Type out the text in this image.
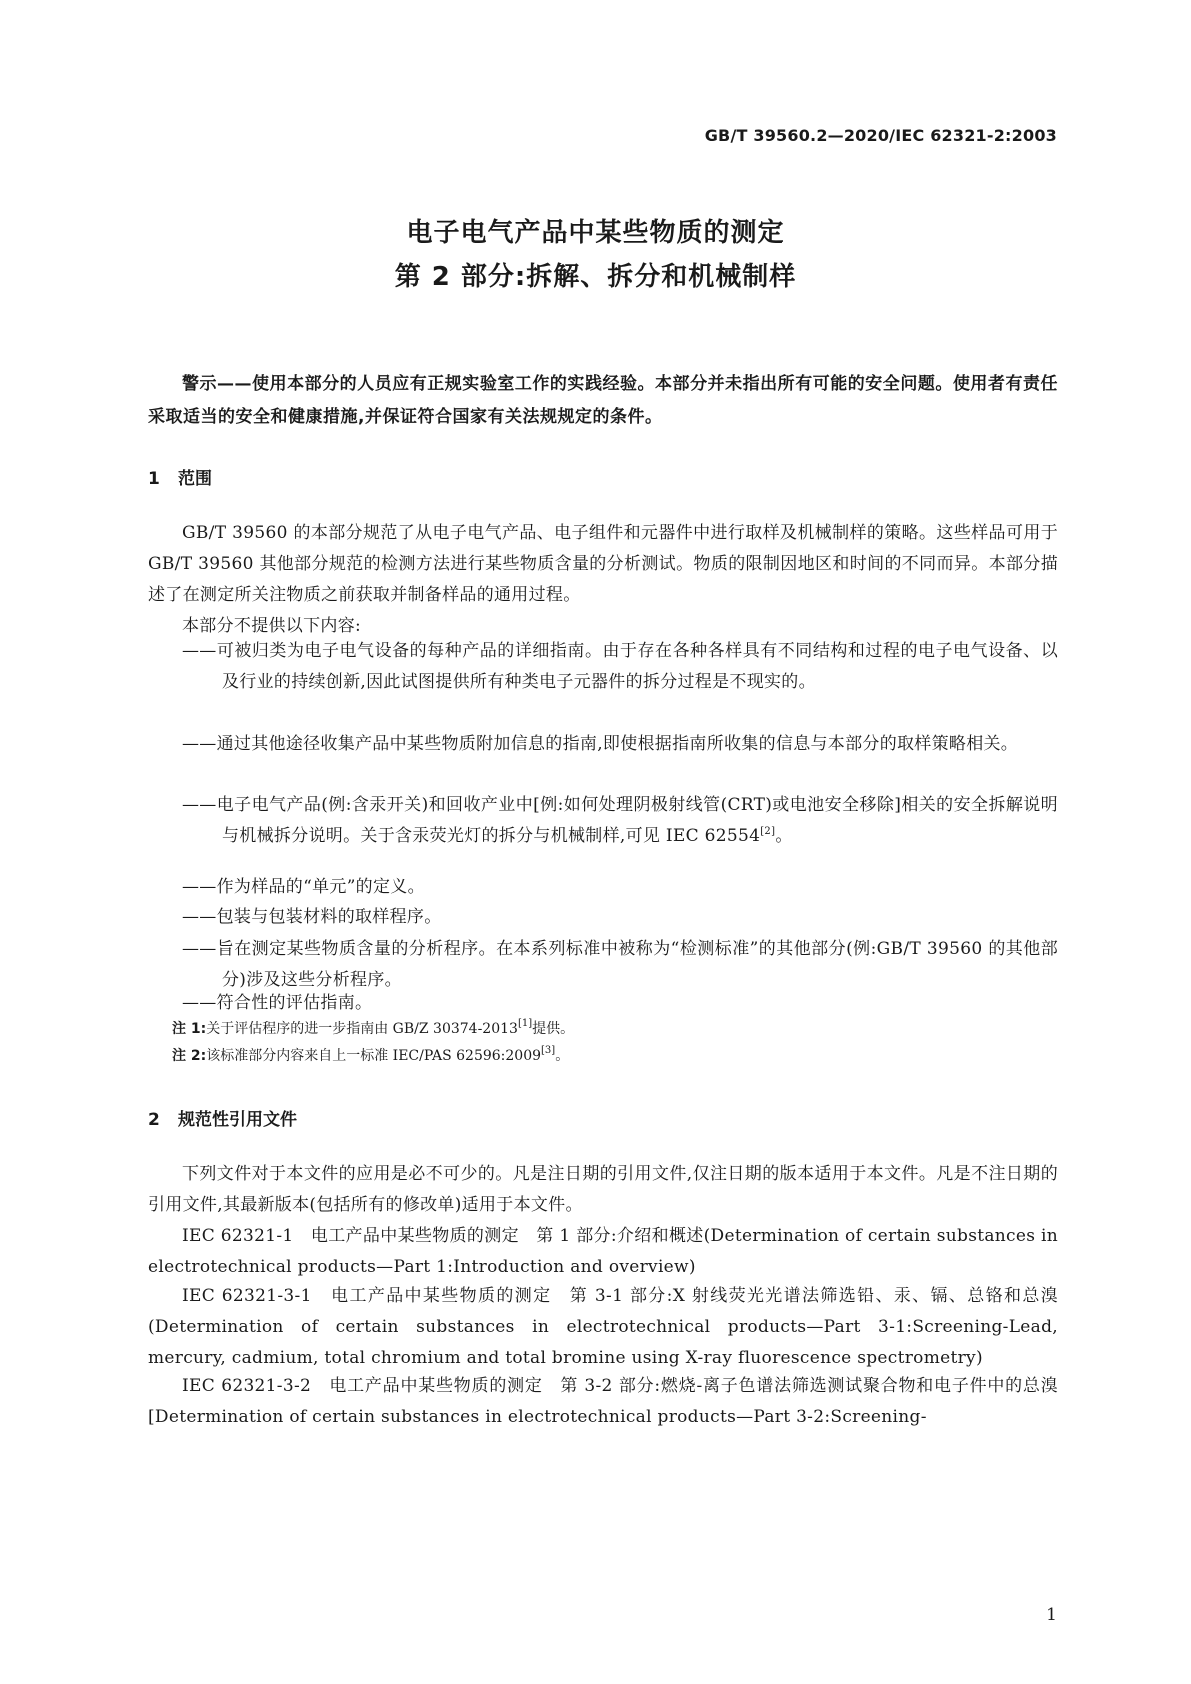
GB/T 39560.2—2020/IEC 62321-2:2003
电子电气产品中某些物质的测定
第 2 部分:拆解、拆分和机械制样
警示——使用本部分的人员应有正规实验室工作的实践经验。本部分并未指出所有可能的安全问题。使用者有责任采取适当的安全和健康措施,并保证符合国家有关法规规定的条件。
1 范围
GB/T 39560 的本部分规范了从电子电气产品、电子组件和元器件中进行取样及机械制样的策略。这些样品可用于 GB/T 39560 其他部分规范的检测方法进行某些物质含量的分析测试。物质的限制因地区和时间的不同而异。本部分描述了在测定所关注物质之前获取并制备样品的通用过程。
本部分不提供以下内容:
——可被归类为电子电气设备的每种产品的详细指南。由于存在各种各样具有不同结构和过程的电子电气设备、以及行业的持续创新,因此试图提供所有种类电子元器件的拆分过程是不现实的。
——通过其他途径收集产品中某些物质附加信息的指南,即使根据指南所收集的信息与本部分的取样策略相关。
——电子电气产品(例:含汞开关)和回收产业中[例:如何处理阴极射线管(CRT)或电池安全移除]相关的安全拆解说明与机械拆分说明。关于含汞荧光灯的拆分与机械制样,可见 IEC 62554[2]。
——作为样品的“单元”的定义。
——包装与包装材料的取样程序。
——旨在测定某些物质含量的分析程序。在本系列标准中被称为“检测标准”的其他部分(例:GB/T 39560 的其他部分)涉及这些分析程序。
——符合性的评估指南。
注 1:关于评估程序的进一步指南由 GB/Z 30374-2013[1]提供。
注 2:该标准部分内容来自上一标准 IEC/PAS 62596:2009[3]。
2 规范性引用文件
下列文件对于本文件的应用是必不可少的。凡是注日期的引用文件,仅注日期的版本适用于本文件。凡是不注日期的引用文件,其最新版本(包括所有的修改单)适用于本文件。
IEC 62321-1　电工产品中某些物质的测定　第 1 部分:介绍和概述(Determination of certain substances in electrotechnical products—Part 1:Introduction and overview)
IEC 62321-3-1　电工产品中某些物质的测定　第 3-1 部分:X 射线荧光光谱法筛选铅、汞、镉、总铬和总溴(Determination of certain substances in electrotechnical products—Part 3-1:Screening-Lead, mercury, cadmium, total chromium and total bromine using X-ray fluorescence spectrometry)
IEC 62321-3-2　电工产品中某些物质的测定　第 3-2 部分:燃烧-离子色谱法筛选测试聚合物和电子件中的总溴[Determination of certain substances in electrotechnical products—Part 3-2:Screening-
1
